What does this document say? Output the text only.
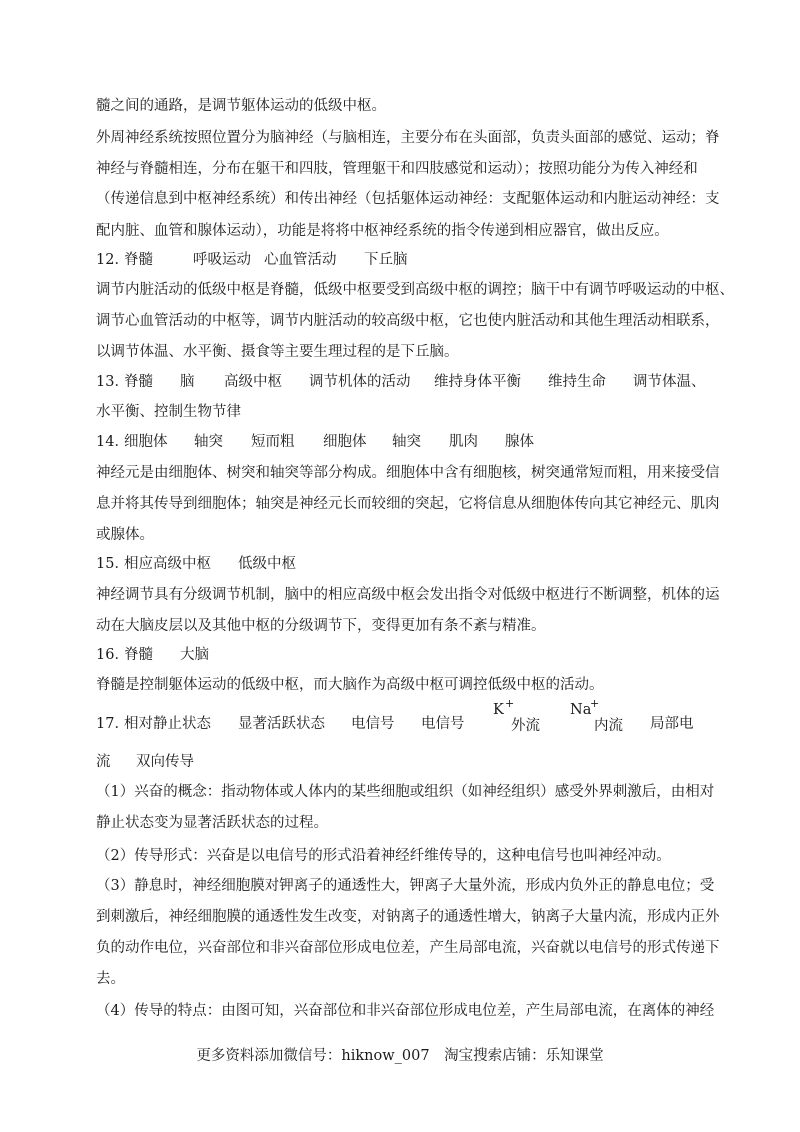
髓之间的通路，是调节躯体运动的低级中枢。
外周神经系统按照位置分为脑神经（与脑相连，主要分布在头面部，负责头面部的感觉、运动；脊
神经与脊髓相连，分布在躯干和四肢，管理躯干和四肢感觉和运动）；按照功能分为传入神经和
（传递信息到中枢神经系统）和传出神经（包括躯体运动神经：支配躯体运动和内脏运动神经：支
配内脏、血管和腺体运动），功能是将将中枢神经系统的指令传递到相应器官，做出反应。
12．
脊髓	呼吸运动 心血管活动 下丘脑
调节内脏活动的低级中枢是脊髓，低级中枢要受到高级中枢的调控；脑干中有调节呼吸运动的中枢、
调节心血管活动的中枢等，调节内脏活动的较高级中枢，它也使内脏活动和其他生理活动相联系，
以调节体温、水平衡、摄食等主要生理过程的是下丘脑。
13．
脊髓 脑 高级中枢 调节机体的活动 维持身体平衡 维持生命 调节体温、
水平衡、控制生物节律
14．
细胞体 轴突 短而粗 细胞体 轴突 肌肉 腺体
神经元是由细胞体、树突和轴突等部分构成。细胞体中含有细胞核，树突通常短而粗，用来接受信
息并将其传导到细胞体；轴突是神经元长而较细的突起，它将信息从细胞体传向其它神经元、肌肉
或腺体。
15．
相应高级中枢 低级中枢
神经调节具有分级调节机制，脑中的相应高级中枢会发出指令对低级中枢进行不断调整，机体的运
动在大脑皮层以及其他中枢的分级调节下，变得更加有条不紊与精准。
16．
脊髓 大脑
脊髓是控制躯体运动的低级中枢，而大脑作为高级中枢可调控低级中枢的活动。
17．
相对静止状态 显著活跃状态 电信号 电信号
K +
外流
Na
+
内流 局部电
流 双向传导
（1）兴奋的概念：指动物体或人体内的某些细胞或组织（如神经组织）感受外界刺激后，由相对
静止状态变为显著活跃状态的过程。
（2）传导形式：兴奋是以电信号的形式沿着神经纤维传导的，这种电信号也叫神经冲动。
（3）静息时，神经细胞膜对钾离子的通透性大，钾离子大量外流，形成内负外正的静息电位；受
到刺激后，神经细胞膜的通透性发生改变，对钠离子的通透性增大，钠离子大量内流，形成内正外
负的动作电位，兴奋部位和非兴奋部位形成电位差，产生局部电流，兴奋就以电信号的形式传递下
去。
（4）传导的特点：由图可知，兴奋部位和非兴奋部位形成电位差，产生局部电流，在离体的神经
更多资料添加微信号：hiknow_007　淘宝搜索店铺：乐知课堂
